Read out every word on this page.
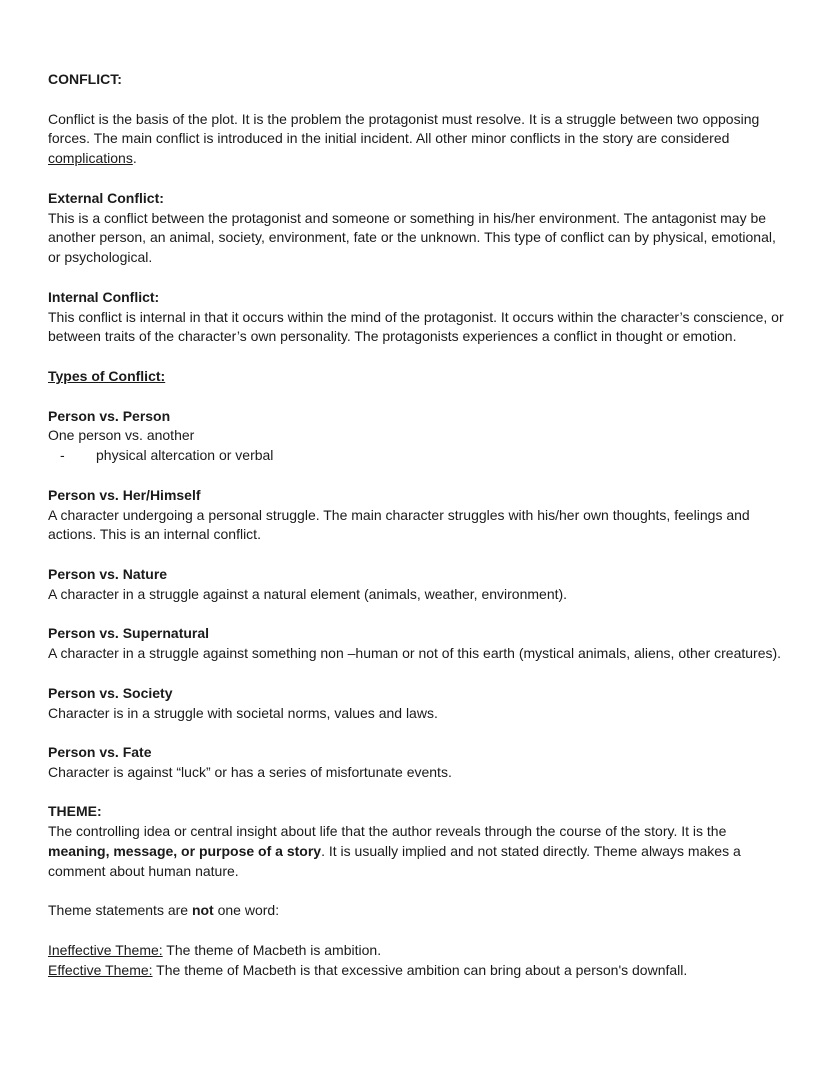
CONFLICT:

Conflict is the basis of the plot. It is the problem the protagonist must resolve. It is a struggle between two opposing forces. The main conflict is introduced in the initial incident. All other minor conflicts in the story are considered complications.

External Conflict:

This is a conflict between the protagonist and someone or something in his/her environment. The antagonist may be another person, an animal, society, environment, fate or the unknown. This type of conflict can by physical, emotional, or psychological.

Internal Conflict:

This conflict is internal in that it occurs within the mind of the protagonist. It occurs within the character’s conscience, or between traits of the character’s own personality. The protagonists experiences a conflict in thought or emotion.

Types of Conflict:

Person vs. Person

One person vs. another

-	physical altercation or verbal

Person vs. Her/Himself

A character undergoing a personal struggle. The main character struggles with his/her own thoughts, feelings and actions. This is an internal conflict.

Person vs. Nature

A character in a struggle against a natural element (animals, weather, environment).

Person vs. Supernatural

A character in a struggle against something non –human or not of this earth (mystical animals, aliens, other creatures).

Person vs. Society

Character is in a struggle with societal norms, values and laws.

Person vs. Fate

Character is against “luck” or has a series of misfortunate events.

THEME:

The controlling idea or central insight about life that the author reveals through the course of the story. It is the meaning, message, or purpose of a story. It is usually implied and not stated directly. Theme always makes a comment about human nature.

Theme statements are not one word:

Ineffective Theme: The theme of Macbeth is ambition.

Effective Theme: The theme of Macbeth is that excessive ambition can bring about a person's downfall.
